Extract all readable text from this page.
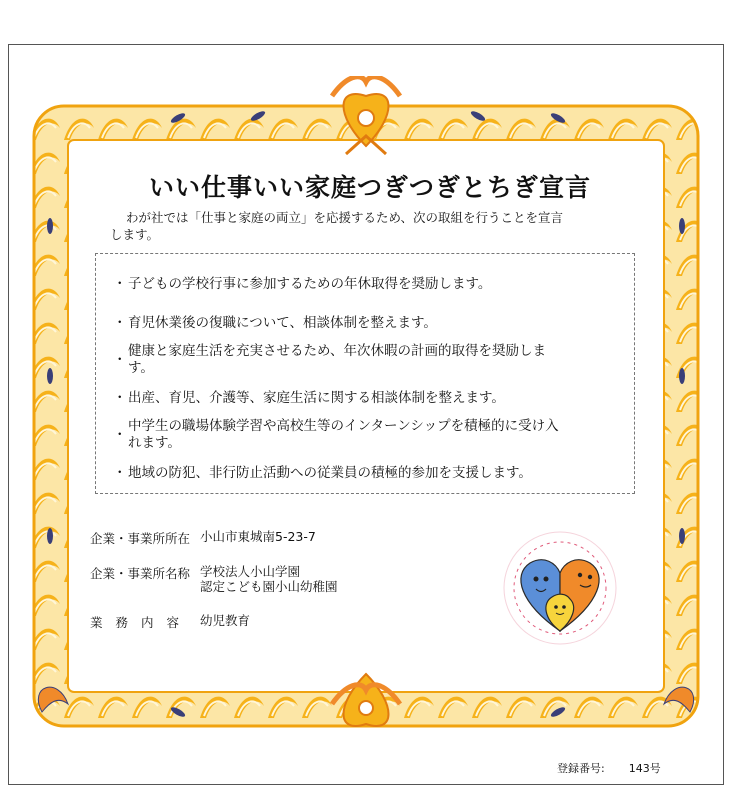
いい仕事いい家庭つぎつぎとちぎ宣言
わが社では「仕事と家庭の両立」を応援するため、次の取組を行うことを宣言
します。
・ 子どもの学校行事に参加するための年休取得を奨励します。
・ 育児休業後の復職について、相談体制を整えます。
・
健康と家庭生活を充実させるため、年次休暇の計画的取得を奨励しま
す。
・ 出産、育児、介護等、家庭生活に関する相談体制を整えます。
・
中学生の職場体験学習や高校生等のインターンシップを積極的に受け入
れます。
・ 地域の防犯、非行防止活動への従業員の積極的参加を支援します。
企業・事業所所在 小山市東城南5-23-7
企業・事業所名称 学校法人小山学園
認定こども園小山幼稚園
業務内容 幼児教育
登録番号: 143号
